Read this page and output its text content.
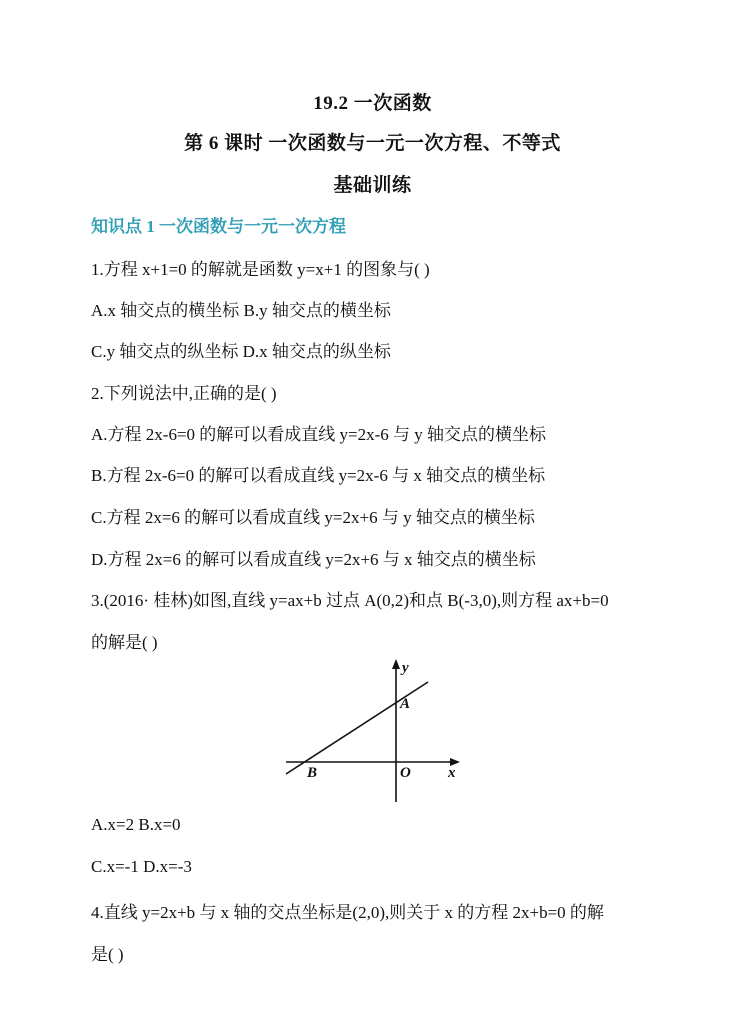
19.2 一次函数
第 6 课时 一次函数与一元一次方程、不等式
基础训练
知识点 1 一次函数与一元一次方程
1.方程 x+1=0 的解就是函数 y=x+1 的图象与( )
A.x 轴交点的横坐标 B.y 轴交点的横坐标
C.y 轴交点的纵坐标 D.x 轴交点的纵坐标
2.下列说法中,正确的是( )
A.方程 2x-6=0 的解可以看成直线 y=2x-6 与 y 轴交点的横坐标
B.方程 2x-6=0 的解可以看成直线 y=2x-6 与 x 轴交点的横坐标
C.方程 2x=6 的解可以看成直线 y=2x+6 与 y 轴交点的横坐标
D.方程 2x=6 的解可以看成直线 y=2x+6 与 x 轴交点的横坐标
3.(2016· 桂林)如图,直线 y=ax+b 过点 A(0,2)和点 B(-3,0),则方程 ax+b=0
的解是( )
y
A
B	O x
A.x=2 B.x=0
C.x=-1 D.x=-3
4.直线 y=2x+b 与 x 轴的交点坐标是(2,0),则关于 x 的方程 2x+b=0 的解
是( )
